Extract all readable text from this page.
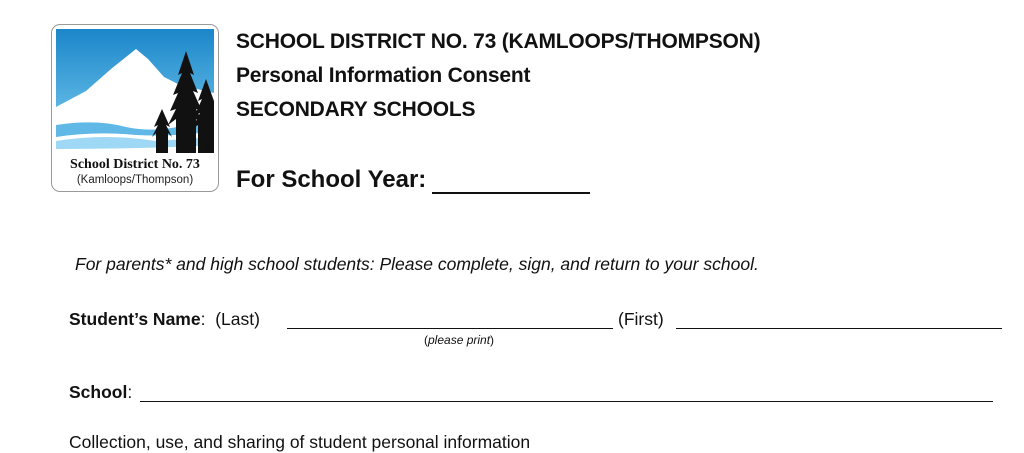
®
School District No. 73
(Kamloops/Thompson)
SCHOOL DISTRICT NO. 73 (KAMLOOPS/THOMPSON)
Personal Information Consent
SECONDARY SCHOOLS
For School Year:
For parents* and high school students: Please complete, sign, and return to your school.
Student’s Name: (Last)	(First)
(please print)
School:
Collection, use, and sharing of student personal information
